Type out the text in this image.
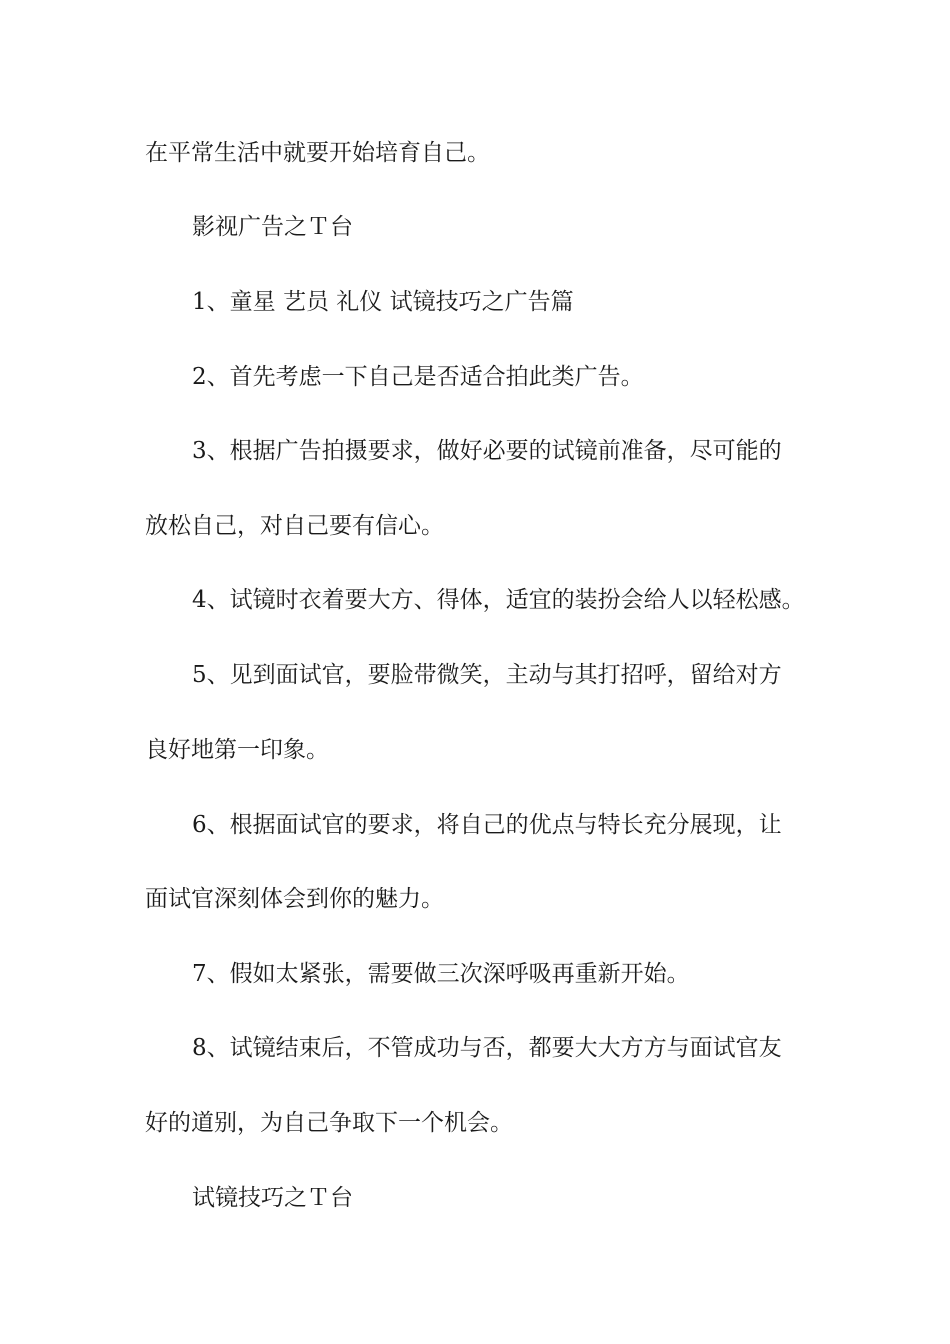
在平常生活中就要开始培育自己。

影视广告之Ｔ台

1、童星 艺员 礼仪 试镜技巧之广告篇

2、首先考虑一下自己是否适合拍此类广告。

3、根据广告拍摄要求，做好必要的试镜前准备，尽可能的

放松自己，对自己要有信心。

4、试镜时衣着要大方、得体，适宜的装扮会给人以轻松感。

5、见到面试官，要脸带微笑，主动与其打招呼，留给对方

良好地第一印象。

6、根据面试官的要求，将自己的优点与特长充分展现，让

面试官深刻体会到你的魅力。

7、假如太紧张，需要做三次深呼吸再重新开始。

8、试镜结束后，不管成功与否，都要大大方方与面试官友

好的道别，为自己争取下一个机会。

试镜技巧之Ｔ台
